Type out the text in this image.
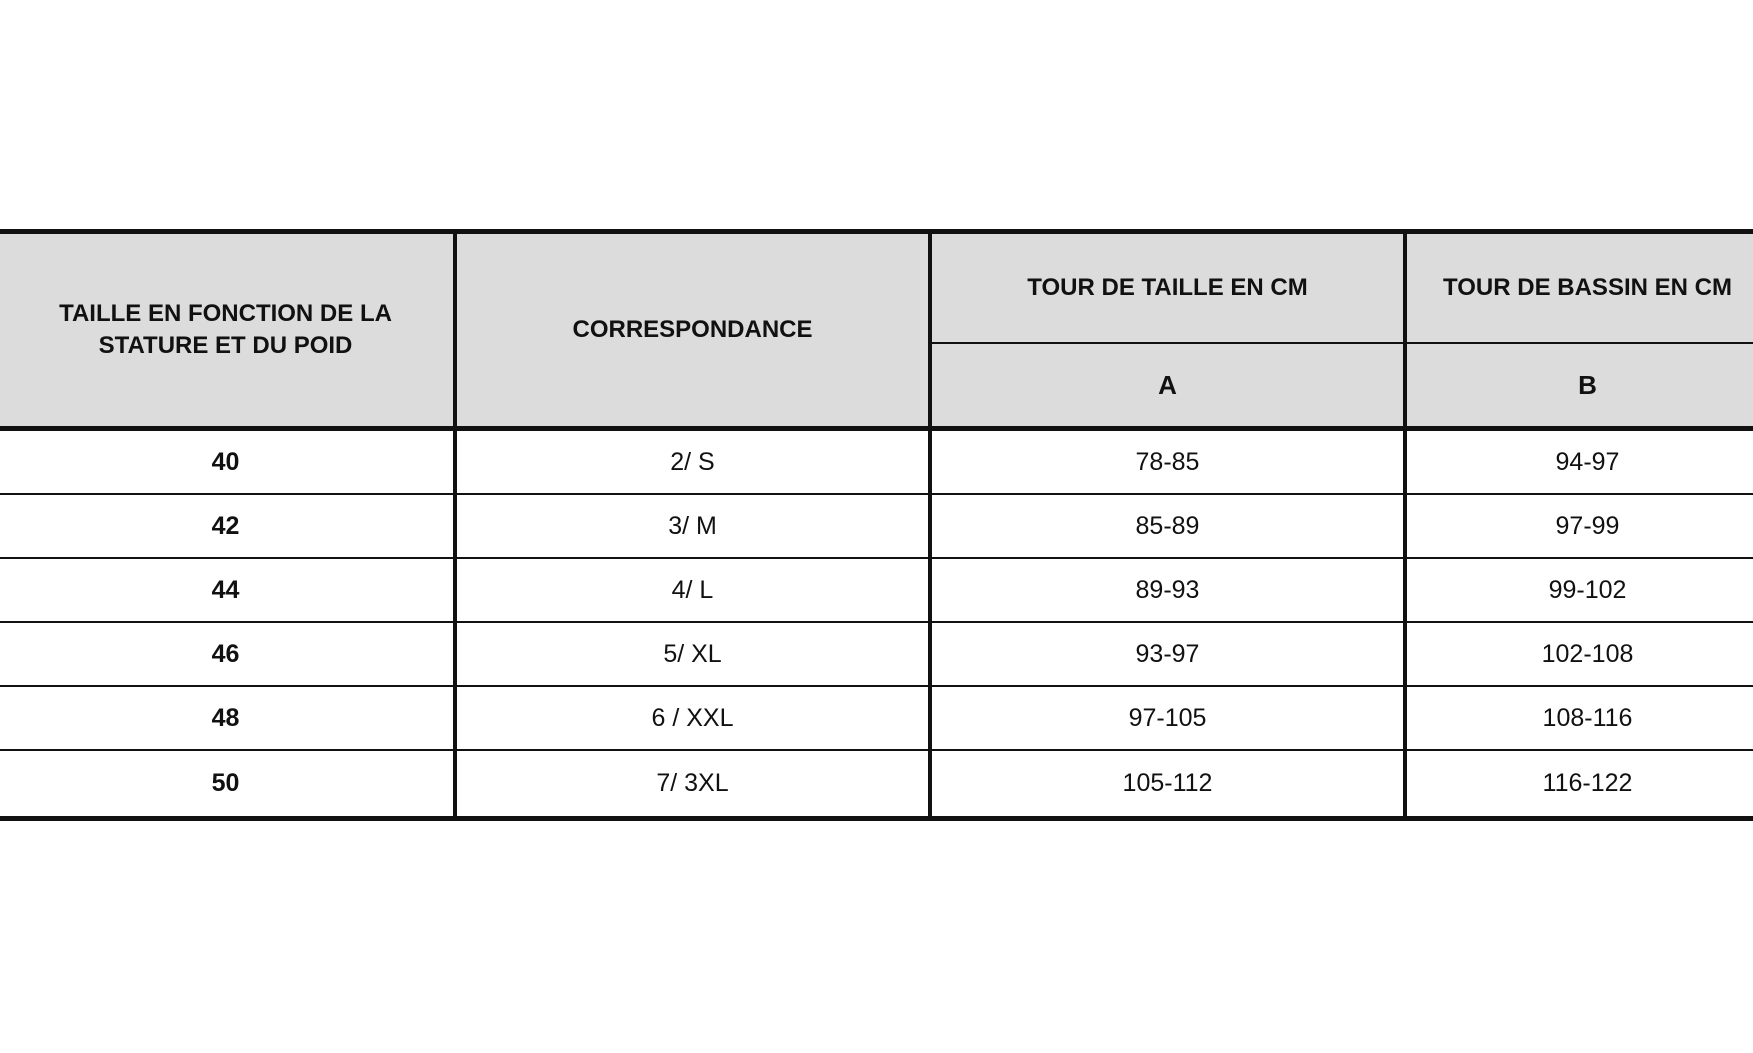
TAILLE EN FONCTION DE LA
STATURE ET DU POID	CORRESPONDANCE	TOUR DE TAILLE EN CM	TOUR DE BASSIN EN CM
		A	B
40	2/ S	78-85	94-97
42	3/ M	85-89	97-99
44	4/ L	89-93	99-102
46	5/ XL	93-97	102-108
48	6 / XXL	97-105	108-116
50	7/ 3XL	105-112	116-122
